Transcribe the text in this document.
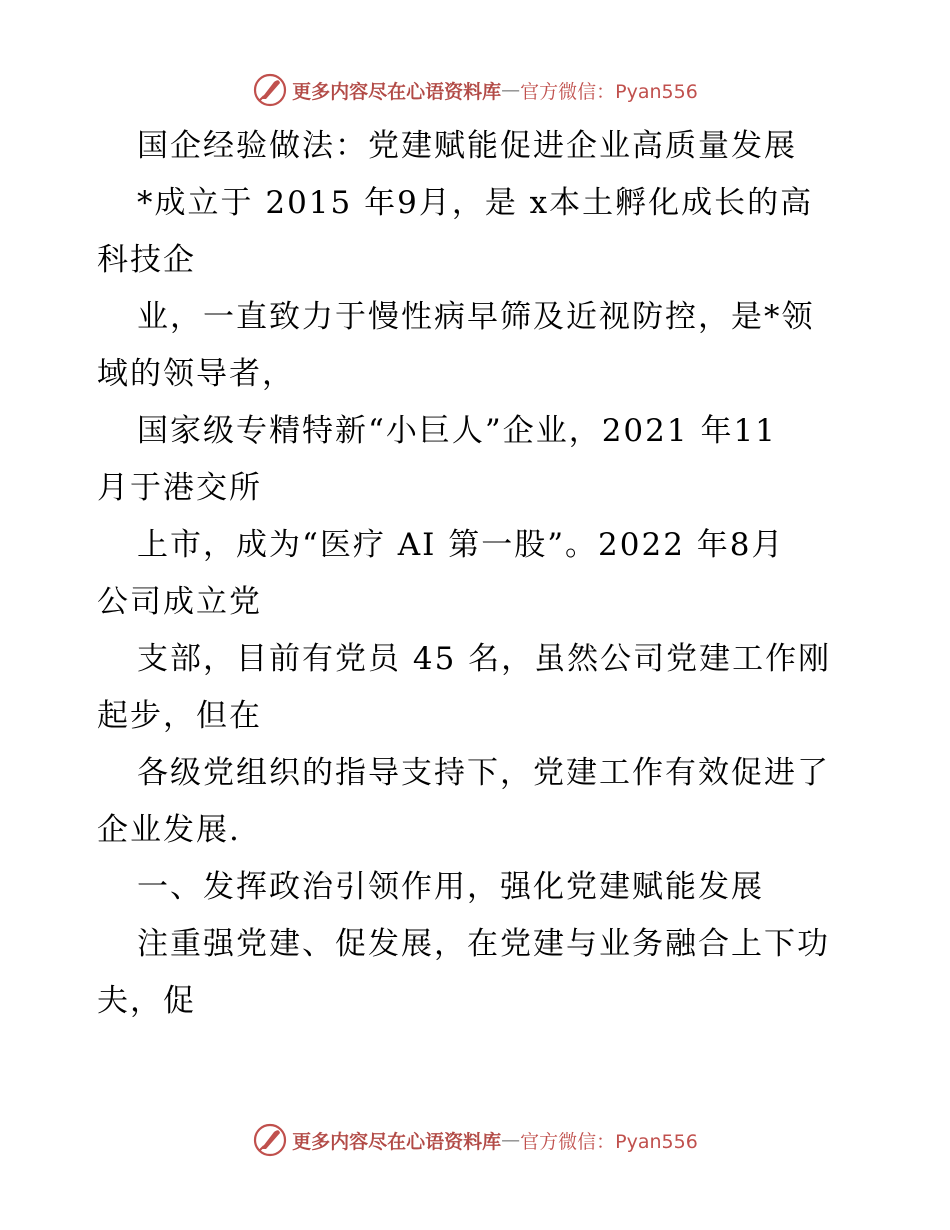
更多内容尽在心语资料库 — 官方微信：Pyan556
国企经验做法：党建赋能促进企业高质量发展
*成立于 2015 年9月，是 x本土孵化成长的高
科技企
业，一直致力于慢性病早筛及近视防控，是*领
域的领导者，
国家级专精特新“小巨人”企业，2021 年11
月于港交所
上市，成为“医疗 AI 第一股”。2022 年8月
公司成立党
支部，目前有党员 45 名，虽然公司党建工作刚
起步，但在
各级党组织的指导支持下，党建工作有效促进了
企业发展.
一、发挥政治引领作用，强化党建赋能发展
注重强党建、促发展，在党建与业务融合上下功
夫，促
更多内容尽在心语资料库 — 官方微信：Pyan556
